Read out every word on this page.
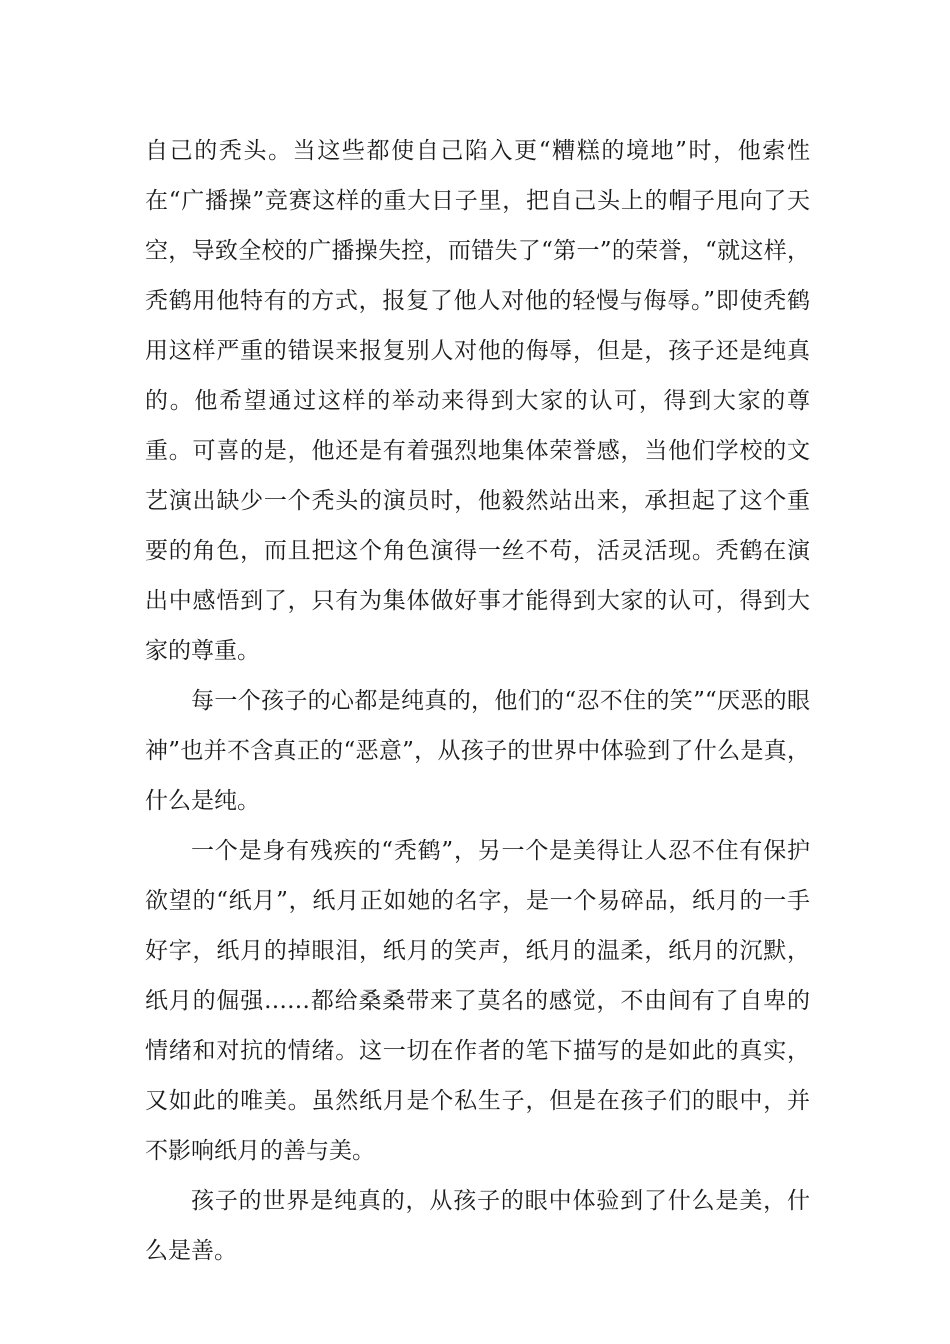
自己的秃头。当这些都使自己陷入更“糟糕的境地”时，他索性在“广播操”竞赛这样的重大日子里，把自己头上的帽子甩向了天空，导致全校的广播操失控，而错失了“第一”的荣誉，“就这样，秃鹤用他特有的方式，报复了他人对他的轻慢与侮辱。”即使秃鹤用这样严重的错误来报复别人对他的侮辱，但是，孩子还是纯真的。他希望通过这样的举动来得到大家的认可，得到大家的尊重。可喜的是，他还是有着强烈地集体荣誉感，当他们学校的文艺演出缺少一个秃头的演员时，他毅然站出来，承担起了这个重要的角色，而且把这个角色演得一丝不苟，活灵活现。秃鹤在演出中感悟到了，只有为集体做好事才能得到大家的认可，得到大家的尊重。

每一个孩子的心都是纯真的，他们的“忍不住的笑”“厌恶的眼神”也并不含真正的“恶意”，从孩子的世界中体验到了什么是真，什么是纯。

一个是身有残疾的“秃鹤”，另一个是美得让人忍不住有保护欲望的“纸月”，纸月正如她的名字，是一个易碎品，纸月的一手好字，纸月的掉眼泪，纸月的笑声，纸月的温柔，纸月的沉默，纸月的倔强……都给桑桑带来了莫名的感觉，不由间有了自卑的情绪和对抗的情绪。这一切在作者的笔下描写的是如此的真实，又如此的唯美。虽然纸月是个私生子，但是在孩子们的眼中，并不影响纸月的善与美。

孩子的世界是纯真的，从孩子的眼中体验到了什么是美，什么是善。
